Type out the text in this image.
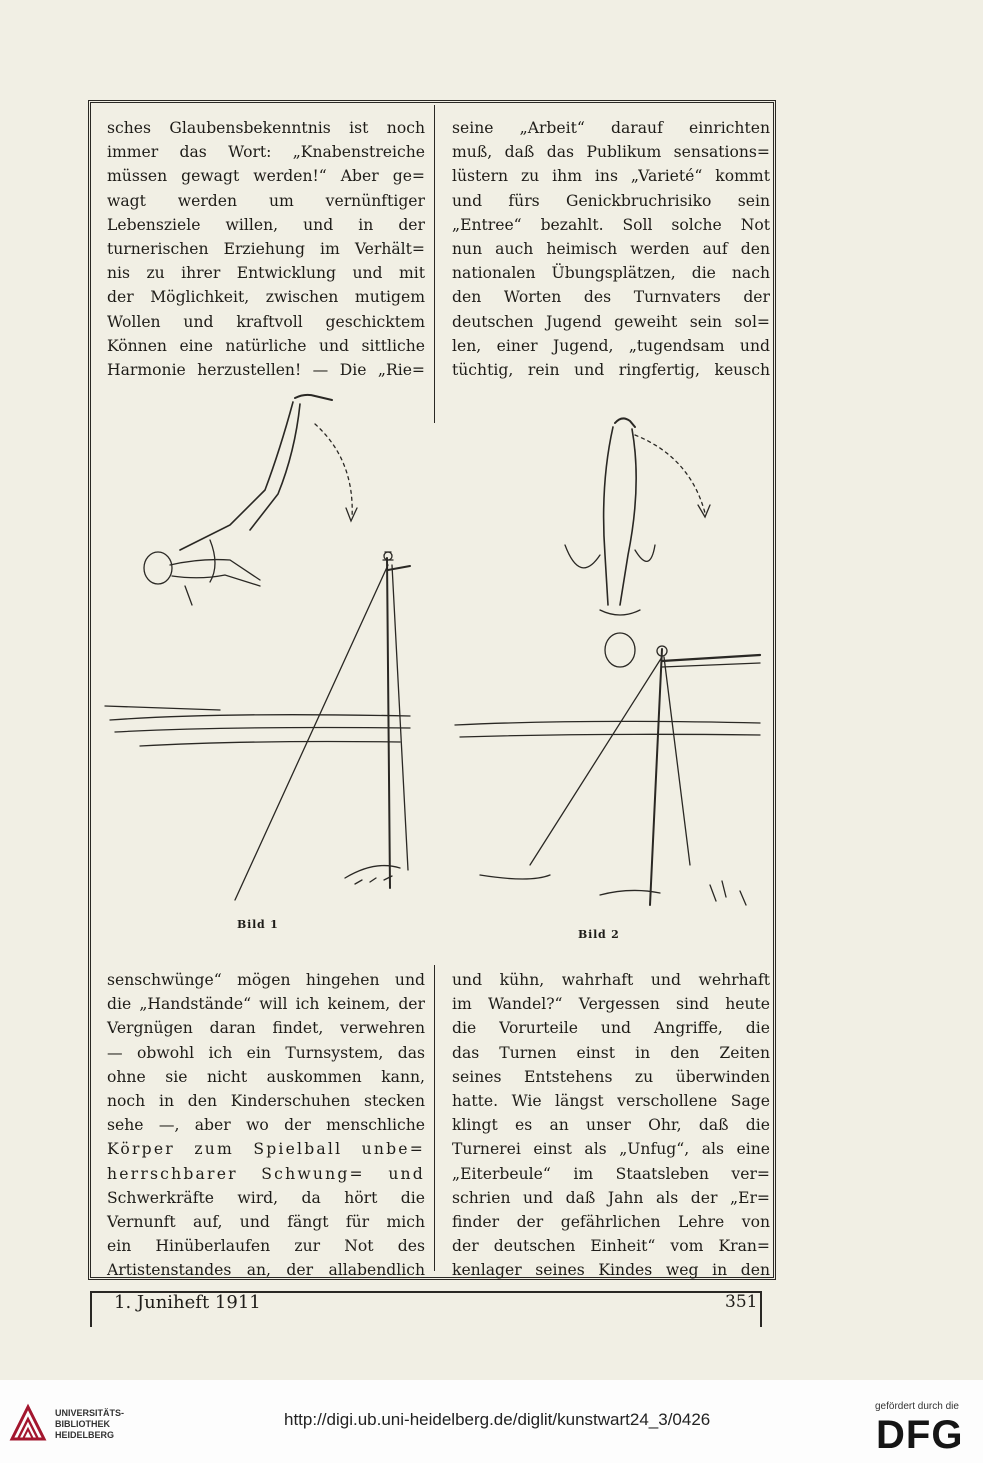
sches Glaubensbekenntnis ist noch
immer das Wort: „Knabenstreiche
müssen gewagt werden!“ Aber ge=
wagt werden um vernünftiger
Lebensziele willen, und in der
turnerischen Erziehung im Verhält=
nis zu ihrer Entwicklung und mit
der Möglichkeit, zwischen mutigem
Wollen und kraftvoll geschicktem
Können eine natürliche und sittliche
Harmonie herzustellen! — Die „Rie=
seine „Arbeit“ darauf einrichten
muß, daß das Publikum sensations=
lüstern zu ihm ins „Varieté“ kommt
und fürs Genickbruchrisiko sein
„Entree“ bezahlt. Soll solche Not
nun auch heimisch werden auf den
nationalen Übungsplätzen, die nach
den Worten des Turnvaters der
deutschen Jugend geweiht sein sol=
len, einer Jugend, „tugendsam und
tüchtig, rein und ringfertig, keusch
Bild 1
Bild 2
senschwünge“ mögen hingehen und
die „Handstände“ will ich keinem, der
Vergnügen daran findet, verwehren
— obwohl ich ein Turnsystem, das
ohne sie nicht auskommen kann,
noch in den Kinderschuhen stecken
sehe —, aber wo der menschliche
Körper zum Spielball unbe=
herrschbarer Schwung= und
Schwerkräfte wird, da hört die
Vernunft auf, und fängt für mich
ein Hinüberlaufen zur Not des
Artistenstandes an, der allabendlich
und kühn, wahrhaft und wehrhaft
im Wandel?“ Vergessen sind heute
die Vorurteile und Angriffe, die
das Turnen einst in den Zeiten
seines Entstehens zu überwinden
hatte. Wie längst verschollene Sage
klingt es an unser Ohr, daß die
Turnerei einst als „Unfug“, als eine
„Eiterbeule“ im Staatsleben ver=
schrien und daß Jahn als der „Er=
finder der gefährlichen Lehre von
der deutschen Einheit“ vom Kran=
kenlager seines Kindes weg in den
1. Juniheft 1911	351
UNIVERSITÄTS-
BIBLIOTHEK
HEIDELBERG
http://digi.ub.uni-heidelberg.de/diglit/kunstwart24_3/0426
gefördert durch die
DFG
